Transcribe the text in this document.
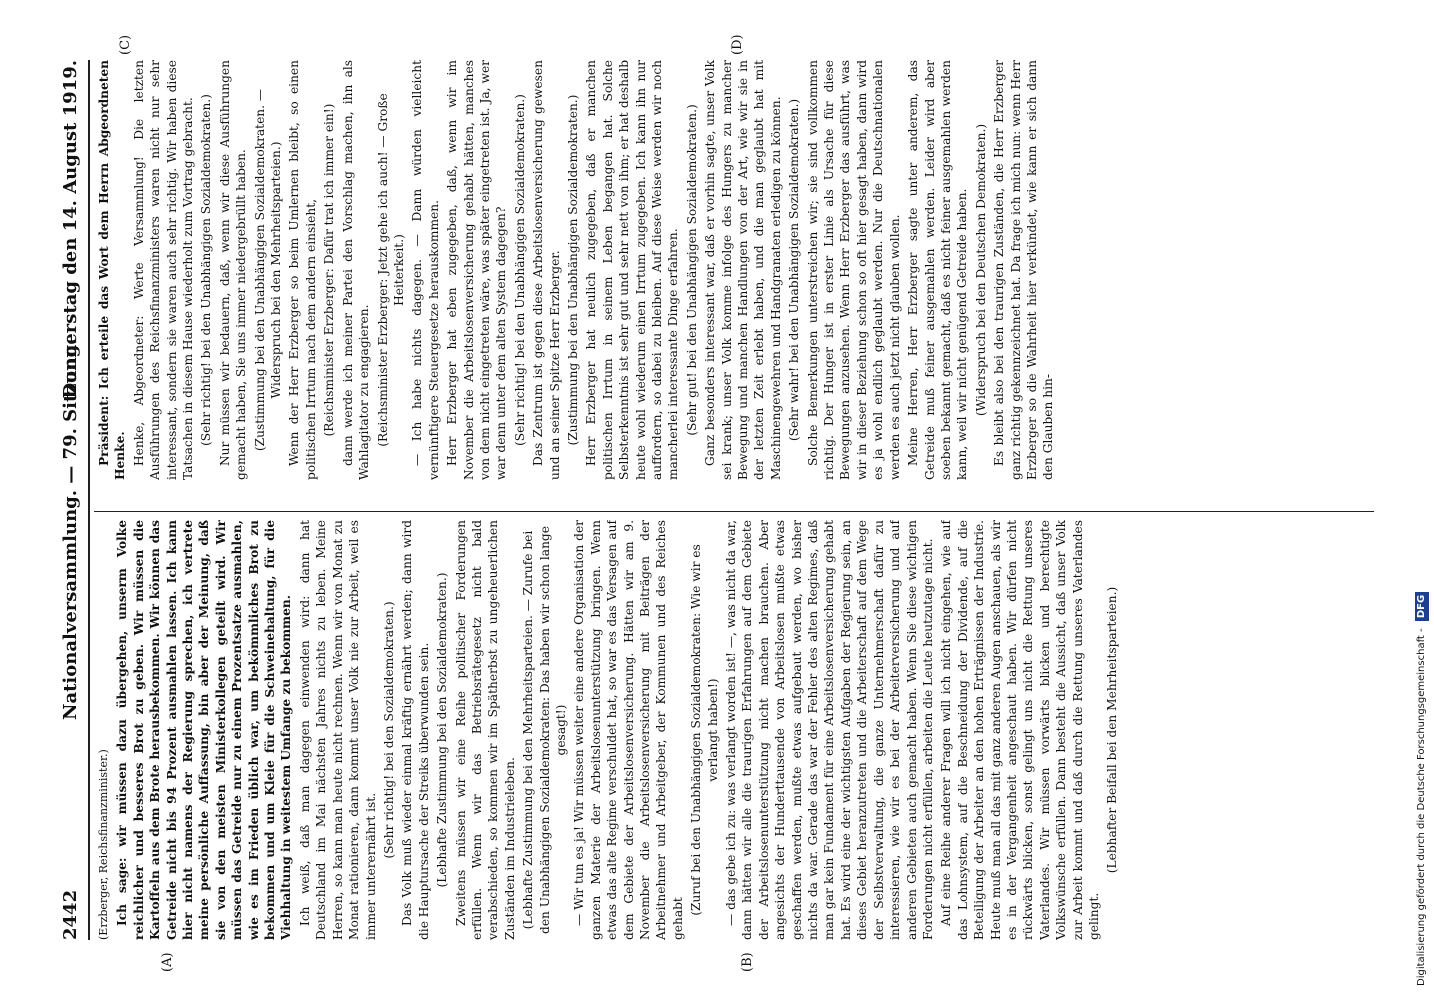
2442
Nationalversammlung. — 79. Sitzung.
Donnerstag den 14. August 1919.
(A)	(B)
(C)	(D)

(Erzberger, Reichsfinanzminister.) Ich sage: wir müssen dazu übergehen, unserm Volke reichlicher und besseres Brot zu geben. Wir müssen die Kartoffeln aus dem Brote herausbekommen. Wir können das Getreide nicht bis 94 Prozent ausmahlen lassen. Ich kann hier nicht namens der Regierung sprechen, ich vertrete meine persönliche Auffassung, bin aber der Meinung, daß sie von den meisten Ministerkollegen geteilt wird. Wir müssen das Getreide nur zu einem Prozentsatze ausmahlen, wie es im Frieden üblich war, um bekömmliches Brot zu bekommen und um Kleie für die Schweinehaltung, für die Viehhaltung in weitestem Umfange zu bekommen. Ich weiß, daß man dagegen einwenden wird: dann hat Deutschland im Mai nächsten Jahres nichts zu leben. Meine Herren, so kann man heute nicht rechnen. Wenn wir von Monat zu Monat rationieren, dann kommt unser Volk nie zur Arbeit, weil es immer unterernährt ist.

(Sehr richtig! bei den Sozialdemokraten.) Das Volk muß wieder einmal kräftig ernährt werden; dann wird die Hauptursache der Streiks überwunden sein. (Lebhafte Zustimmung bei den Sozialdemokraten.) Zweitens müssen wir eine Reihe politischer Forderungen erfüllen. Wenn wir das Betriebsrätegesetz nicht bald verabschieden, so kommen wir im Spätherbst zu ungeheuerlichen Zuständen im Industrieleben. (Lebhafte Zustimmung bei den Mehrheitsparteien. — Zurufe bei den Unabhängigen Sozialdemokraten: Das haben wir schon lange gesagt!) — Wir tun es ja! Wir müssen weiter eine andere Organisation der ganzen Materie der Arbeitslosenunterstützung bringen. Wenn etwas das alte Regime verschuldet hat, so war es das Versagen auf dem Gebiete der Arbeitslosenversicherung. Hätten wir am 9. November die Arbeitslosenversicherung mit Beiträgen der Arbeitnehmer und Arbeitgeber, der Kommunen und des Reiches gehabt

(Zuruf bei den Unabhängigen Sozialdemokraten: Wie wir es verlangt haben!) — das gebe ich zu: was verlangt worden ist! —, was nicht da war, dann hätten wir alle die traurigen Erfahrungen auf dem Gebiete der Arbeitslosenunterstützung nicht machen brauchen. Aber angesichts der Hunderttausende von Arbeitslosen mußte etwas geschaffen werden, mußte etwas aufgebaut werden, wo bisher nichts da war. Gerade das war der Fehler des alten Regimes, daß man gar kein Fundament für eine Arbeitslosenversicherung gehabt hat. Es wird eine der wichtigsten Aufgaben der Regierung sein, an dieses Gebiet heranzutreten und die Arbeiterschaft auf dem Wege der Selbstverwaltung, die ganze Unternehmerschaft dafür zu interessieren, wie wir es bei der Arbeiterversicherung und auf anderen Gebieten auch gemacht haben. Wenn Sie diese wichtigen Forderungen nicht erfüllen, arbeiten die Leute heutzutage nicht. Auf eine Reihe anderer Fragen will ich nicht eingehen, wie auf das Lohnsystem, auf die Beschneidung der Dividende, auf die Beteiligung der Arbeiter an den hohen Erträgnissen der Industrie. Heute muß man all das mit ganz anderen Augen anschauen, als wir es in der Vergangenheit angeschaut haben. Wir dürfen nicht rückwärts blicken, sonst gelingt uns nicht die Rettung unseres Vaterlandes. Wir müssen vorwärts blicken und berechtigte Volkswünsche erfüllen. Dann besteht die Aussicht, daß unser Volk zur Arbeit kommt und daß durch die Rettung unseres Vaterlandes gelingt.

(Lebhafter Beifall bei den Mehrheitsparteien.)

Präsident: Ich erteile das Wort dem Herrn Abgeordneten Henke. Henke, Abgeordneter: Werte Versammlung! Die letzten Ausführungen des Reichsfinanzministers waren nicht nur sehr interessant, sondern sie waren auch sehr richtig. Wir haben diese Tatsachen in diesem Hause wiederholt zum Vortrag gebracht. (Sehr richtig! bei den Unabhängigen Sozialdemokraten.) Nur müssen wir bedauern, daß, wenn wir diese Ausführungen gemacht haben, Sie uns immer niedergebrüllt haben. (Zustimmung bei den Unabhängigen Sozialdemokraten. — Widerspruch bei den Mehrheitsparteien.) Wenn der Herr Erzberger so beim Umlernen bleibt, so einen politischen Irrtum nach dem andern einsieht, (Reichsminister Erzberger: Dafür trat ich immer ein!) dann werde ich meiner Partei den Vorschlag machen, ihn als Wahlagitator zu engagieren. (Reichsminister Erzberger: Jetzt gehe ich auch! — Große Heiterkeit.) — Ich habe nichts dagegen. — Dann würden vielleicht vernünftigere Steuergesetze herauskommen. Herr Erzberger hat eben zugegeben, daß, wenn wir im November die Arbeitslosenversicherung gehabt hätten, manches von dem nicht eingetreten wäre, was später eingetreten ist. Ja, wer war denn unter dem alten System dagegen? (Sehr richtig! bei den Unabhängigen Sozialdemokraten.) Das Zentrum ist gegen diese Arbeitslosenversicherung gewesen und an seiner Spitze Herr Erzberger. (Zustimmung bei den Unabhängigen Sozialdemokraten.) Herr Erzberger hat neulich zugegeben, daß er manchen politischen Irrtum in seinem Leben begangen hat. Solche Selbsterkenntnis ist sehr gut und sehr nett von ihm; er hat deshalb heute wohl wiederum einen Irrtum zugegeben. Ich kann ihn nur auffordern, so dabei zu bleiben. Auf diese Weise werden wir noch mancherlei interessante Dinge erfahren. (Sehr gut! bei den Unabhängigen Sozialdemokraten.) Ganz besonders interessant war, daß er vorhin sagte, unser Volk sei krank; unser Volk komme infolge des Hungers zu mancher Bewegung und manchen Handlungen von der Art, wie wir sie in der letzten Zeit erlebt haben, und die man geglaubt hat mit Maschinengewehren und Handgranaten erledigen zu können. (Sehr wahr! bei den Unabhängigen Sozialdemokraten.) Solche Bemerkungen unterstreichen wir; sie sind vollkommen richtig. Der Hunger ist in erster Linie als Ursache für diese Bewegungen anzusehen. Wenn Herr Erzberger das ausführt, was wir in dieser Beziehung schon so oft hier gesagt haben, dann wird es ja wohl endlich geglaubt werden. Nur die Deutschnationalen werden es auch jetzt nicht glauben wollen. Meine Herren, Herr Erzberger sagte unter anderem, das Getreide muß feiner ausgemahlen werden. Leider wird aber soeben bekannt gemacht, daß es nicht feiner ausgemahlen werden kann, weil wir nicht genügend Getreide haben. (Widerspruch bei den Deutschen Demokraten.) Es bleibt also bei den traurigen Zuständen, die Herr Erzberger ganz richtig gekennzeichnet hat. Da frage ich mich nun: wenn Herr Erzberger so die Wahrheit hier verkündet, wie kann er sich dann den Glauben hin-

Digitalisierung gefördert durch die Deutsche Forschungsgemeinschaft - DFG
